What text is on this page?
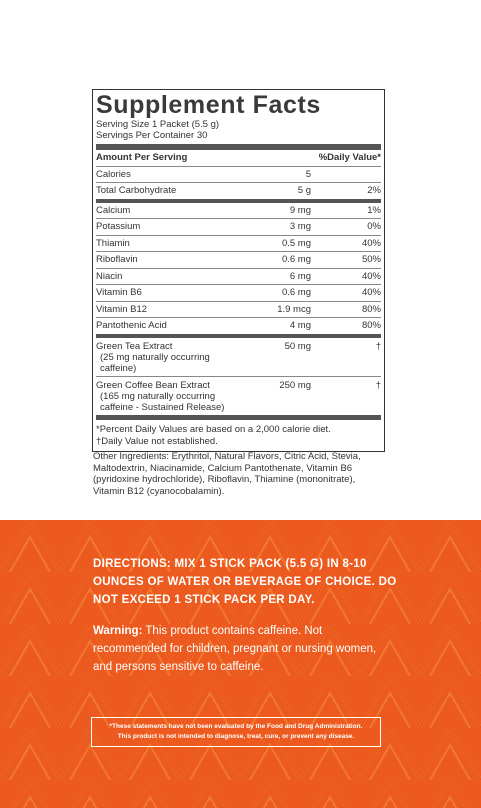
Supplement Facts
Serving Size 1 Packet (5.5 g)
Servings Per Container 30
Amount Per Serving	%Daily Value*
Calories	5
Total Carbohydrate	5 g	2%
Calcium	9 mg	1%
Potassium	3 mg	0%
Thiamin	0.5 mg	40%
Riboflavin	0.6 mg	50%
Niacin	6 mg	40%
Vitamin B6	0.6 mg	40%
Vitamin B12	1.9 mcg	80%
Pantothenic Acid	4 mg	80%
Green Tea Extract
(25 mg naturally occurring caffeine)
50 mg	†
Green Coffee Bean Extract
(165 mg naturally occurring caffeine - Sustained Release)
250 mg	†
*Percent Daily Values are based on a 2,000 calorie diet.
†Daily Value not established.
Other Ingredients: Erythritol, Natural Flavors, Citric Acid, Stevia, Maltodextrin, Niacinamide, Calcium Pantothenate, Vitamin B6 (pyridoxine hydrochloride), Riboflavin, Thiamine (mononitrate), Vitamin B12 (cyanocobalamin).
DIRECTIONS: MIX 1 STICK PACK (5.5 G) IN 8-10 OUNCES OF WATER OR BEVERAGE OF CHOICE. DO NOT EXCEED 1 STICK PACK PER DAY.
Warning: This product contains caffeine. Not recommended for children, pregnant or nursing women, and persons sensitive to caffeine.
*These statements have not been evaluated by the Food and Drug Administration.
This product is not intended to diagnose, treat, cure, or prevent any disease.
